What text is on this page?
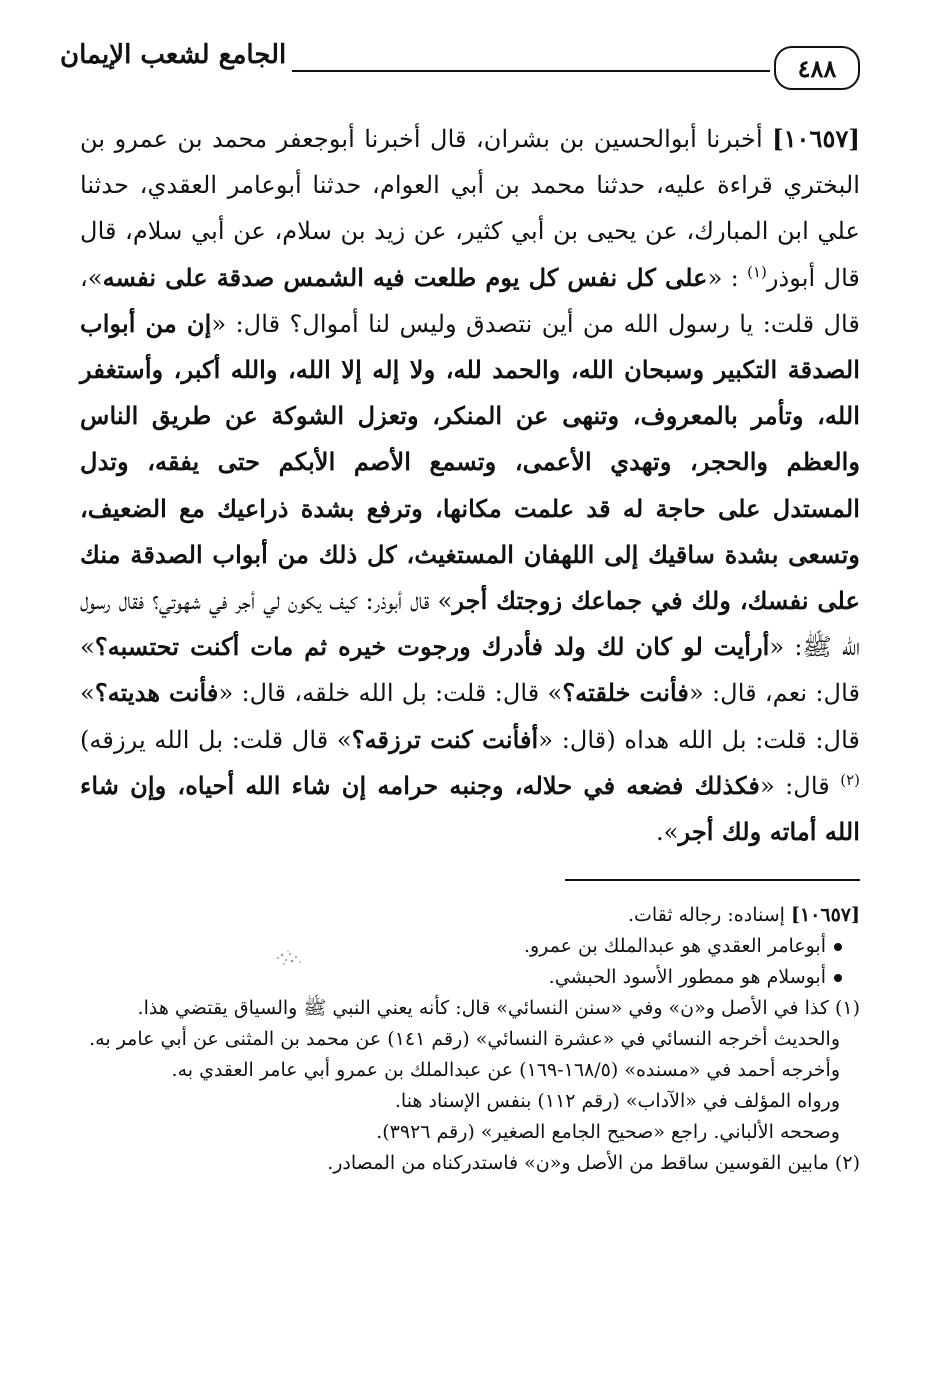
٤٨٨
الجامع لشعب الإيمان

[١٠٦٥٧] أخبرنا أبوالحسين بن بشران، قال أخبرنا أبوجعفر محمد بن عمرو بن البختري قراءة عليه، حدثنا محمد بن أبي العوام، حدثنا أبوعامر العقدي، حدثنا علي ابن المبارك، عن يحيى بن أبي كثير، عن زيد بن سلام، عن أبي سلام، قال قال أبوذر$^{(١)}$ : «على كل نفس كل يوم طلعت فيه الشمس صدقة على نفسه»، قال قلت: يا رسول الله من أين نتصدق وليس لنا أموال؟ قال: «إن من أبواب الصدقة التكبير وسبحان الله، والحمد لله، ولا إله إلا الله، والله أكبر، وأستغفر الله، وتأمر بالمعروف، وتنهى عن المنكر، وتعزل الشوكة عن طريق الناس والعظم والحجر، وتهدي الأعمى، وتسمع الأصم الأبكم حتى يفقه، وتدل المستدل على حاجة له قد علمت مكانها، وترفع بشدة ذراعيك مع الضعيف، وتسعى بشدة ساقيك إلى اللهفان المستغيث، كل ذلك من أبواب الصدقة منك على نفسك، ولك في جماعك زوجتك أجر» قال أبوذر: كيف يكون لي أجر في شهوتي؟ فقال رسول الله ﷺ: «أرأيت لو كان لك ولد فأدرك ورجوت خيره ثم مات أكنت تحتسبه؟» قال: نعم، قال: «فأنت خلقته؟» قال: قلت: بل الله خلقه، قال: «فأنت هديته؟» قال: قلت: بل الله هداه (قال: «أفأنت كنت ترزقه؟» قال قلت: بل الله يرزقه)$^{(٢)}$ قال: «فكذلك فضعه في حلاله، وجنبه حرامه إن شاء الله أحياه، وإن شاء الله أماته ولك أجر».

[١٠٦٥٧] إسناده: رجاله ثقات.
أبوعامر العقدي هو عبدالملك بن عمرو.
أبوسلام هو ممطور الأسود الحبشي.
(١) كذا في الأصل و«ن» وفي «سنن النسائي» قال: كأنه يعني النبي ﷺ والسياق يقتضي هذا.
والحديث أخرجه النسائي في «عشرة النسائي» (رقم ١٤١) عن محمد بن المثنى عن أبي عامر به.
وأخرجه أحمد في «مسنده» (١٦٨/٥-١٦٩) عن عبدالملك بن عمرو أبي عامر العقدي به.
ورواه المؤلف في «الآداب» (رقم ١١٢) بنفس الإسناد هنا.
وصححه الألباني. راجع «صحيح الجامع الصغير» (رقم ٣٩٢٦).
(٢) مابين القوسين ساقط من الأصل و«ن» فاستدركناه من المصادر.
